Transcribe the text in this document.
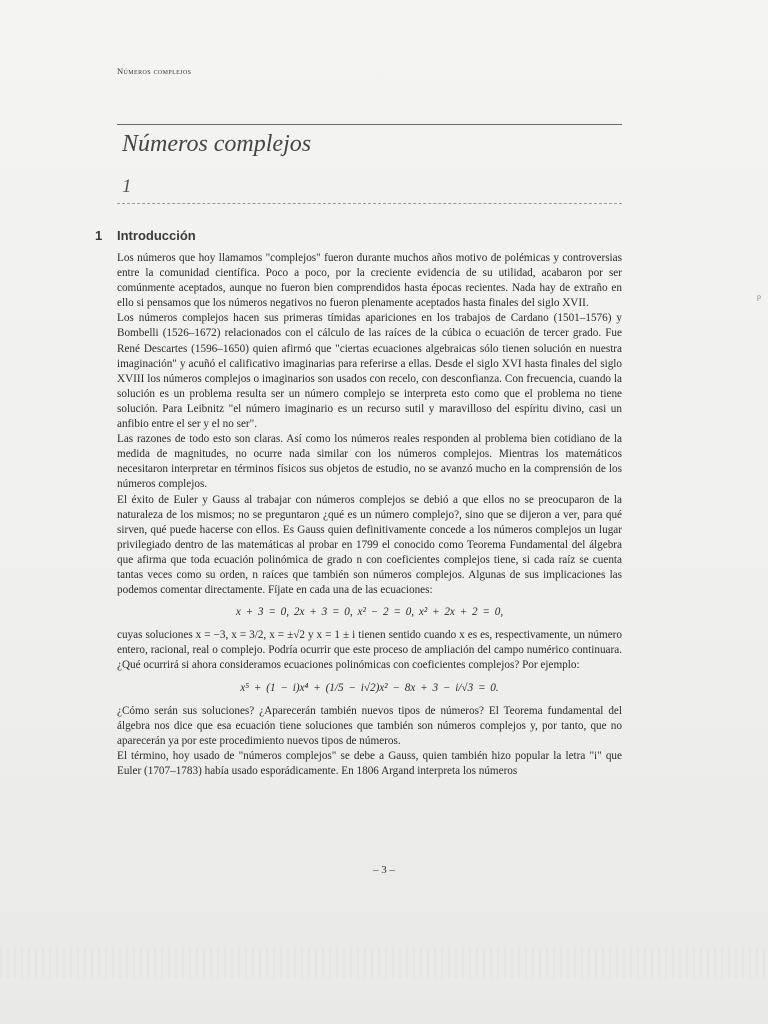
Números complejos
Números complejos
1
1 Introducción
ρ

Los números que hoy llamamos "complejos" fueron durante muchos años motivo de polémicas y controversias entre la comunidad científica. Poco a poco, por la creciente evidencia de su utilidad, acabaron por ser comúnmente aceptados, aunque no fueron bien comprendidos hasta épocas recientes. Nada hay de extraño en ello si pensamos que los números negativos no fueron plenamente aceptados hasta finales del siglo XVII.

Los números complejos hacen sus primeras tímidas apariciones en los trabajos de Cardano (1501–1576) y Bombelli (1526–1672) relacionados con el cálculo de las raíces de la cúbica o ecuación de tercer grado. Fue René Descartes (1596–1650) quien afirmó que "ciertas ecuaciones algebraicas sólo tienen solución en nuestra imaginación" y acuñó el calificativo imaginarias para referirse a ellas. Desde el siglo XVI hasta finales del siglo XVIII los números complejos o imaginarios son usados con recelo, con desconfianza. Con frecuencia, cuando la solución es un problema resulta ser un número complejo se interpreta esto como que el problema no tiene solución. Para Leibnitz "el número imaginario es un recurso sutil y maravilloso del espíritu divino, casi un anfibio entre el ser y el no ser".

Las razones de todo esto son claras. Así como los números reales responden al problema bien cotidiano de la medida de magnitudes, no ocurre nada similar con los números complejos. Mientras los matemáticos necesitaron interpretar en términos físicos sus objetos de estudio, no se avanzó mucho en la comprensión de los números complejos.

El éxito de Euler y Gauss al trabajar con números complejos se debió a que ellos no se preocuparon de la naturaleza de los mismos; no se preguntaron ¿qué es un número complejo?, sino que se dijeron a ver, para qué sirven, qué puede hacerse con ellos. Es Gauss quien definitivamente concede a los números complejos un lugar privilegiado dentro de las matemáticas al probar en 1799 el conocido como Teorema Fundamental del álgebra que afirma que toda ecuación polinómica de grado n con coeficientes complejos tiene, si cada raíz se cuenta tantas veces como su orden, n raíces que también son números complejos. Algunas de sus implicaciones las podemos comentar directamente. Fíjate en cada una de las ecuaciones:

x + 3 = 0, 2x + 3 = 0, x² − 2 = 0, x² + 2x + 2 = 0,

cuyas soluciones x = −3, x = 3/2, x = ±√2 y x = 1 ± i tienen sentido cuando x es es, respectivamente, un número entero, racional, real o complejo. Podría ocurrir que este proceso de ampliación del campo numérico continuara. ¿Qué ocurrirá si ahora consideramos ecuaciones polinómicas con coeficientes complejos? Por ejemplo:

x⁵ + (1 − i)x⁴ + (1/5 − i√2)x² − 8x + 3 − i/√3 = 0.

¿Cómo serán sus soluciones? ¿Aparecerán también nuevos tipos de números? El Teorema fundamental del álgebra nos dice que esa ecuación tiene soluciones que también son números complejos y, por tanto, que no aparecerán ya por este procedimiento nuevos tipos de números.

El término, hoy usado de "números complejos" se debe a Gauss, quien también hizo popular la letra "i" que Euler (1707–1783) había usado esporádicamente. En 1806 Argand interpreta los números

– 3 –
